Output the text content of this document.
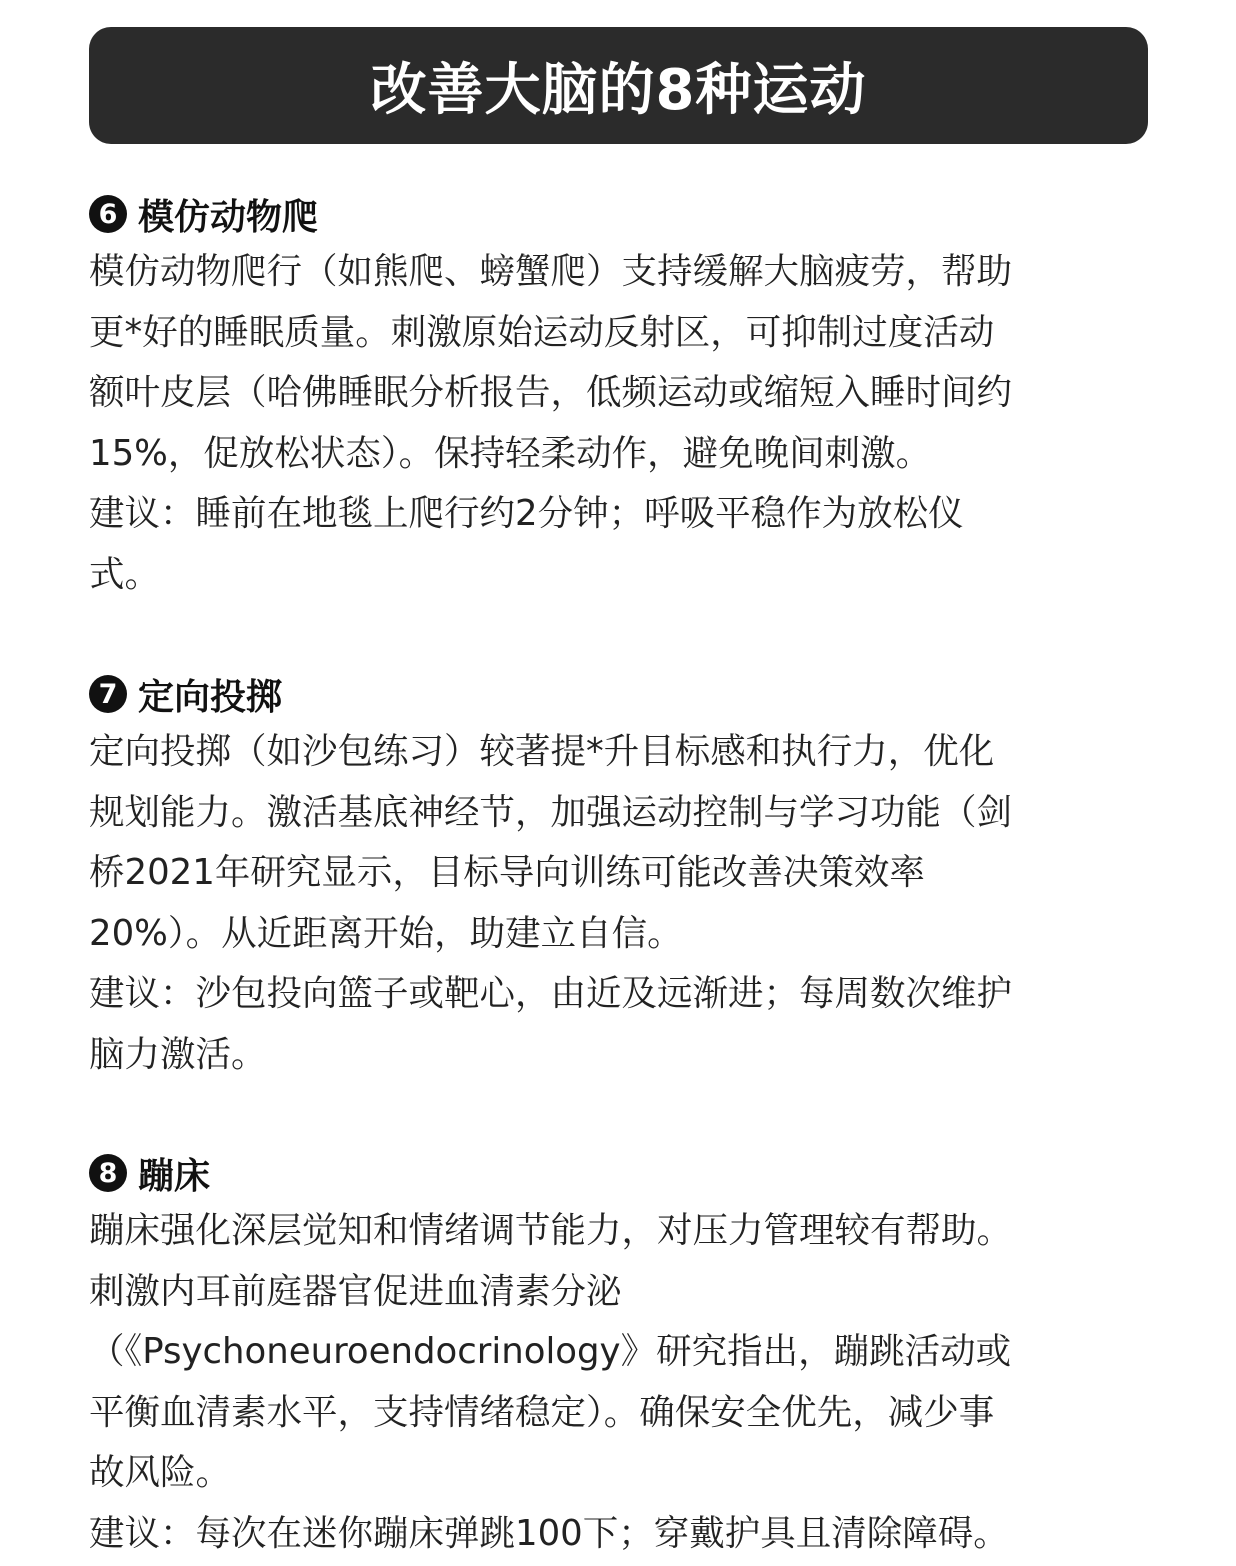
改善大脑的8种运动
6 模仿动物爬

模仿动物爬行（如熊爬、螃蟹爬）支持缓解大脑疲劳，帮助
更*好的睡眠质量。刺激原始运动反射区，可抑制过度活动
额叶皮层（哈佛睡眠分析报告，低频运动或缩短入睡时间约
15%，促放松状态）。保持轻柔动作，避免晚间刺激。
建议：睡前在地毯上爬行约2分钟；呼吸平稳作为放松仪
式。

7 定向投掷

定向投掷（如沙包练习）较著提*升目标感和执行力，优化
规划能力。激活基底神经节，加强运动控制与学习功能（剑
桥2021年研究显示，目标导向训练可能改善决策效率
20%）。从近距离开始，助建立自信。
建议：沙包投向篮子或靶心，由近及远渐进；每周数次维护
脑力激活。

8 蹦床

蹦床强化深层觉知和情绪调节能力，对压力管理较有帮助。
刺激内耳前庭器官促进血清素分泌
（《Psychoneuroendocrinology》研究指出，蹦跳活动或
平衡血清素水平，支持情绪稳定）。确保安全优先，减少事
故风险。
建议：每次在迷你蹦床弹跳100下；穿戴护具且清除障碍。
